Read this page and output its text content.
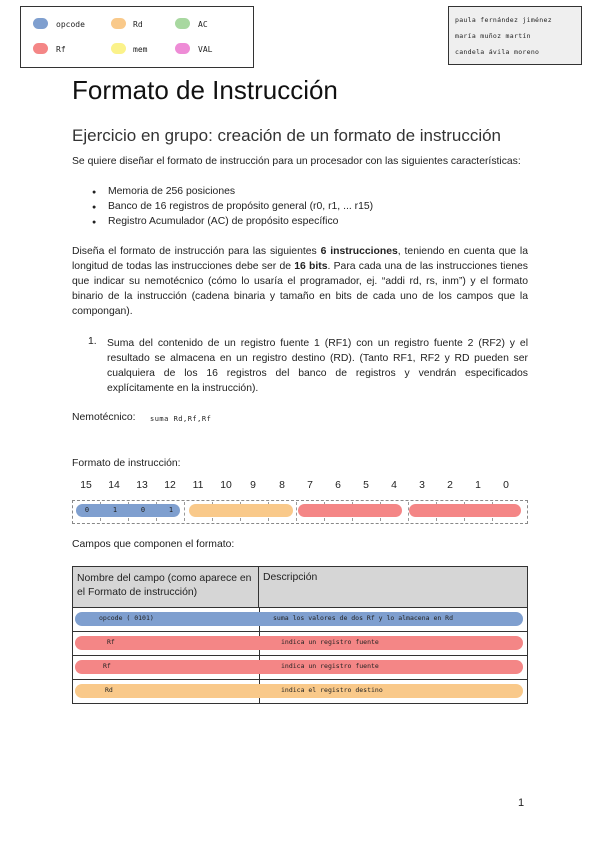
opcode	Rd	AC
Rf	mem	VAL
paula fernández jiménez
maría muñoz martín
candela ávila moreno
Formato de Instrucción
Ejercicio en grupo: creación de un formato de instrucción
Se quiere diseñar el formato de instrucción para un procesador con las siguientes características:
● Memoria de 256 posiciones
● Banco de 16 registros de propósito general (r0, r1, ... r15)
● Registro Acumulador (AC) de propósito específico
Diseña el formato de instrucción para las siguientes 6 instrucciones, teniendo en cuenta que la longitud de todas las instrucciones debe ser de 16 bits. Para cada una de las instrucciones tienes que indicar su nemotécnico (cómo lo usaría el programador, ej. “addi rd, rs, inm”) y el formato binario de la instrucción (cadena binaria y tamaño en bits de cada uno de los campos que la compongan).
1. Suma del contenido de un registro fuente 1 (RF1) con un registro fuente 2 (RF2) y el resultado se almacena en un registro destino (RD). (Tanto RF1, RF2 y RD pueden ser cualquiera de los 16 registros del banco de registros y vendrán especificados explícitamente en la instrucción).
Nemotécnico: suma Rd,Rf,Rf
Formato de instrucción:
15	14	13	12	11	10	9	8	7	6	5	4	3	2	1	0
0	1	0	1
Campos que componen el formato:
Nombre del campo (como aparece en el Formato de instrucción)
Descripción
opcode ( 0101)	suma los valores de dos Rf y lo almacena en Rd
Rf	indica un registro fuente
Rf	indica un registro fuente
Rd	indica el registro destino
1
